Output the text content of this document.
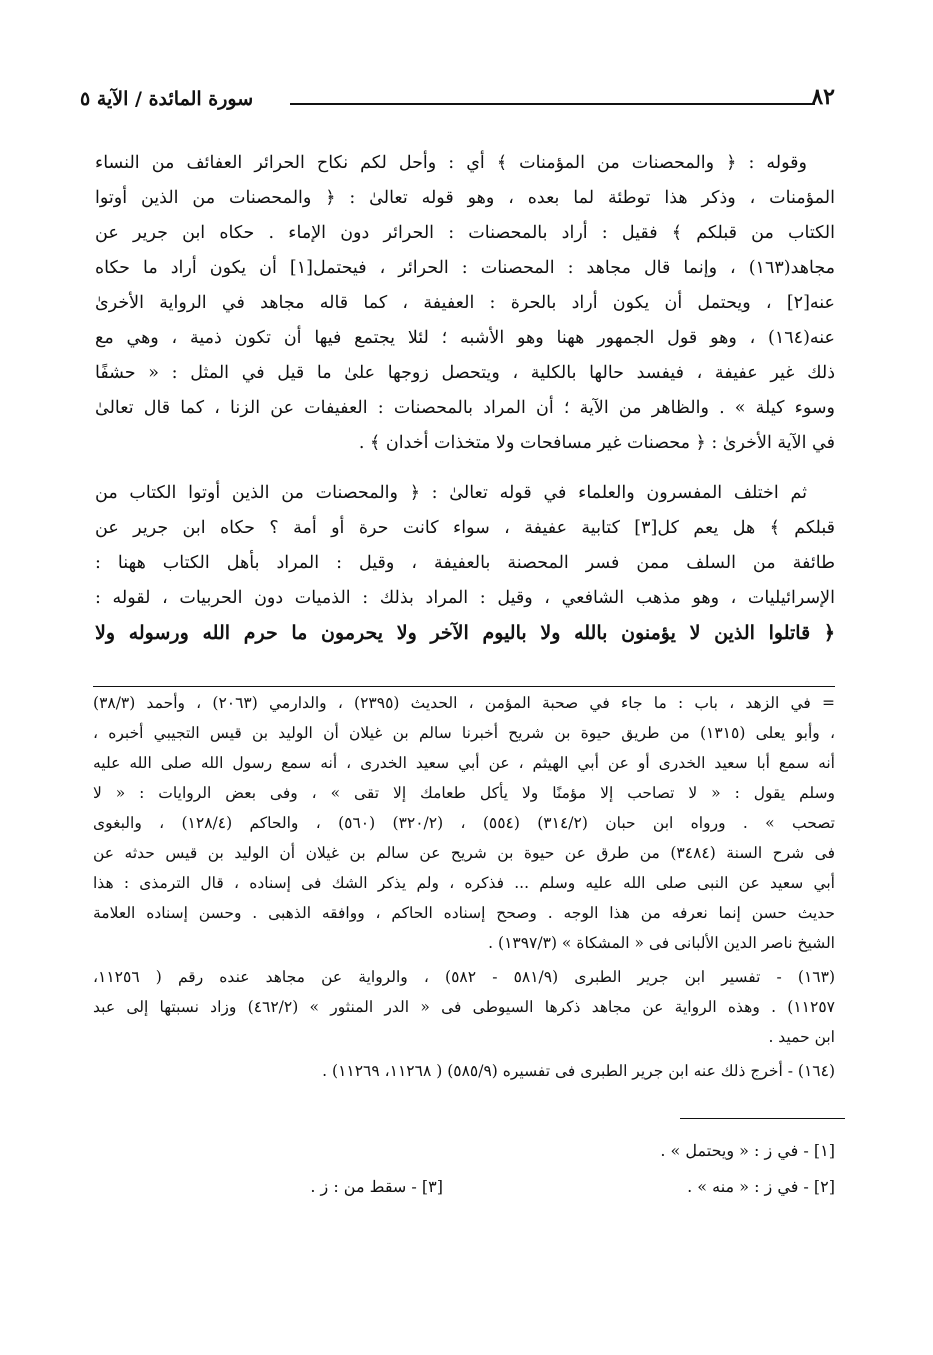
٨٢
سورة المائدة / الآية ٥
وقوله : ﴿ والمحصنات من المؤمنات ﴾ أي : وأحل لكم نكاح الحرائر العفائف من النساء
المؤمنات ، وذكر هذا توطئة لما بعده ، وهو قوله تعالىٰ : ﴿ والمحصنات من الذين أوتوا
الكتاب من قبلكم ﴾ فقيل : أراد بالمحصنات : الحرائر دون الإماء . حكاه ابن جرير عن
مجاهد(١٦٣) ، وإنما قال مجاهد : المحصنات : الحرائر ، فيحتمل[١] أن يكون أراد ما حكاه
عنه[٢] ، ويحتمل أن يكون أراد بالحرة : العفيفة ، كما قاله مجاهد في الرواية الأخرىٰ
عنه(١٦٤) ، وهو قول الجمهور ههنا وهو الأشبه ؛ لئلا يجتمع فيها أن تكون ذمية ، وهي مع
ذلك غير عفيفة ، فيفسد حالها بالكلية ، ويتحصل زوجها علىٰ ما قيل في المثل : « حشفًا
وسوء كيلة » . والظاهر من الآية ؛ أن المراد بالمحصنات : العفيفات عن الزنا ، كما قال تعالىٰ
في الآية الأخرىٰ : ﴿ محصنات غير مسافحات ولا متخذات أخدان ﴾ .
ثم اختلف المفسرون والعلماء في قوله تعالىٰ : ﴿ والمحصنات من الذين أوتوا الكتاب من
قبلكم ﴾ هل يعم كل[٣] كتابية عفيفة ، سواء كانت حرة أو أمة ؟ حكاه ابن جرير عن
طائفة من السلف ممن فسر المحصنة بالعفيفة ، وقيل : المراد بأهل الكتاب ههنا :
الإسرائيليات ، وهو مذهب الشافعي ، وقيل : المراد بذلك : الذميات دون الحربيات ، لقوله :
﴿ قاتلوا الذين لا يؤمنون بالله ولا باليوم الآخر ولا يحرمون ما حرم الله ورسوله ولا
= في الزهد ، باب : ما جاء في صحبة المؤمن ، الحديث (٢٣٩٥) ، والدارمي (٢٠٦٣) ، وأحمد (٣٨/٣)
، وأبو يعلى (١٣١٥) من طريق حيوة بن شريح أخبرنا سالم بن غيلان أن الوليد بن قيس التجيبي أخبره ،
أنه سمع أبا سعيد الخدرى أو عن أبي الهيثم ، عن أبي سعيد الخدرى ، أنه سمع رسول الله صلى الله عليه
وسلم يقول : « لا تصاحب إلا مؤمنًا ولا يأكل طعامك إلا تقى » ، وفى بعض الروايات : « لا
تصحب » . ورواه ابن حبان (٣١٤/٢) (٥٥٤) ، (٣٢٠/٢) (٥٦٠) ، والحاكم (١٢٨/٤) ، والبغوى
فى شرح السنة (٣٤٨٤) من طرق عن حيوة بن شريح عن سالم بن غيلان أن الوليد بن قيس حدثه عن
أبي سعيد عن النبى صلى الله عليه وسلم ... فذكره ، ولم يذكر الشك فى إسناده ، قال الترمذى : هذا
حديث حسن إنما نعرفه من هذا الوجه . وصحح إسناده الحاكم ، ووافقه الذهبى . وحسن إسناده العلامة
الشيخ ناصر الدين الألبانى فى « المشكاة » (١٣٩٧/٣) .
(١٦٣) - تفسير ابن جرير الطبرى (٥٨١/٩ - ٥٨٢) ، والرواية عن مجاهد عنده رقم ( ١١٢٥٦،
١١٢٥٧) . وهذه الرواية عن مجاهد ذكرها السيوطى فى « الدر المنثور » (٤٦٢/٢) وزاد نسبتها إلى عبد
ابن حميد .
(١٦٤) - أخرج ذلك عنه ابن جرير الطبرى فى تفسيره (٥٨٥/٩) ( ١١٢٦٨، ١١٢٦٩) .
[١] - في ز : « ويحتمل » .
[٢] - في ز : « منه » .
[٣] - سقط من : ز .
